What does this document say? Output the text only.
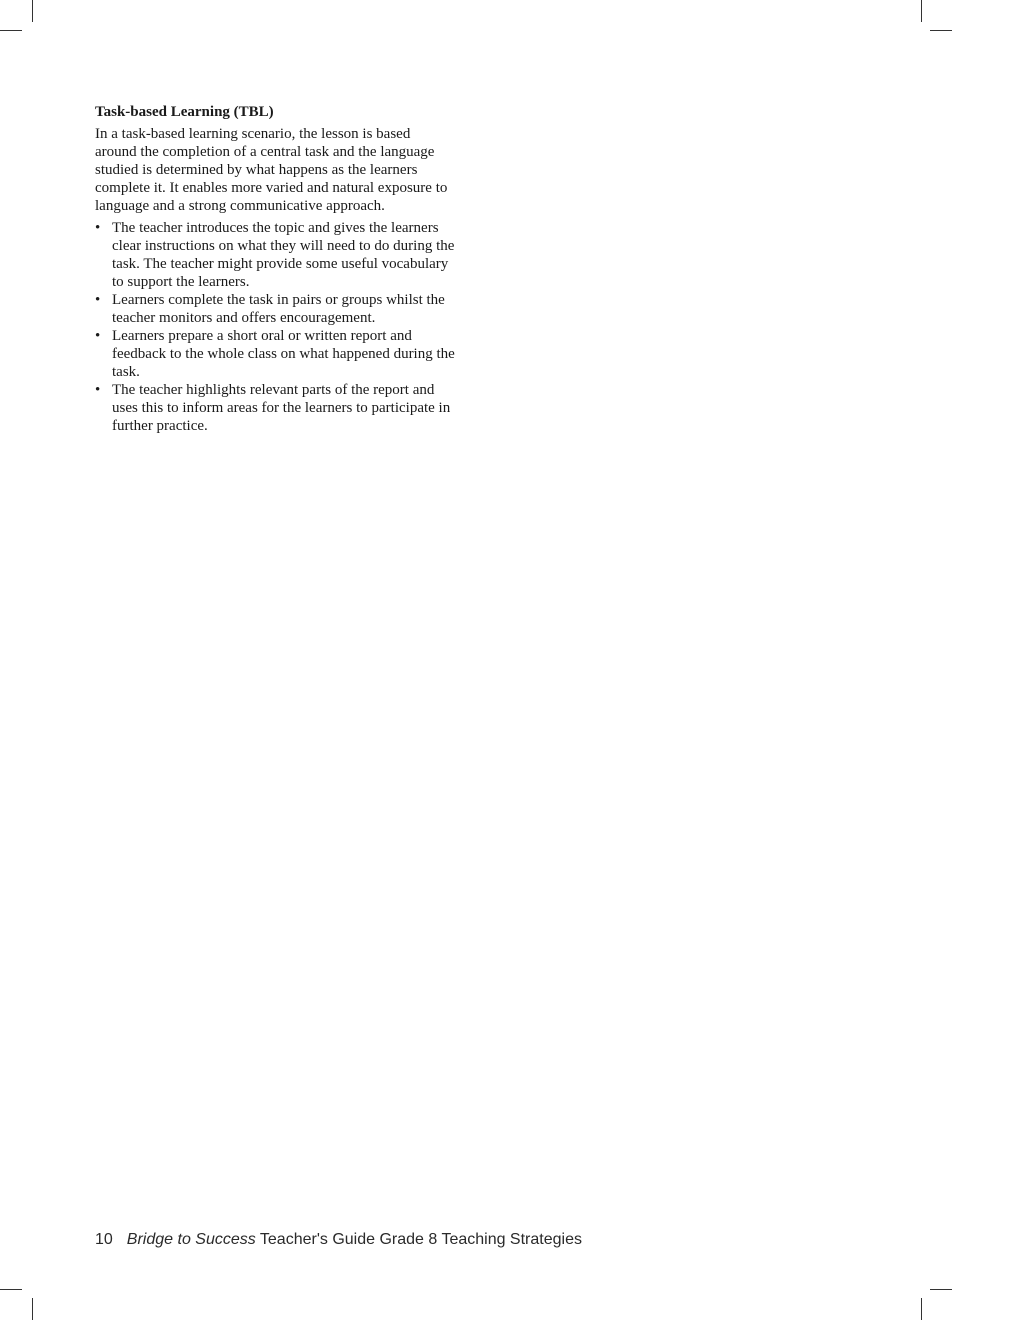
Task-based Learning (TBL)
In a task-based learning scenario, the lesson is based around the completion of a central task and the language studied is determined by what happens as the learners complete it. It enables more varied and natural exposure to language and a strong communicative approach.
• The teacher introduces the topic and gives the learners clear instructions on what they will need to do during the task. The teacher might provide some useful vocabulary to support the learners.
• Learners complete the task in pairs or groups whilst the teacher monitors and offers encouragement.
• Learners prepare a short oral or written report and feedback to the whole class on what happened during the task.
• The teacher highlights relevant parts of the report and uses this to inform areas for the learners to participate in further practice.
10 Bridge to Success Teacher's Guide Grade 8 Teaching Strategies
